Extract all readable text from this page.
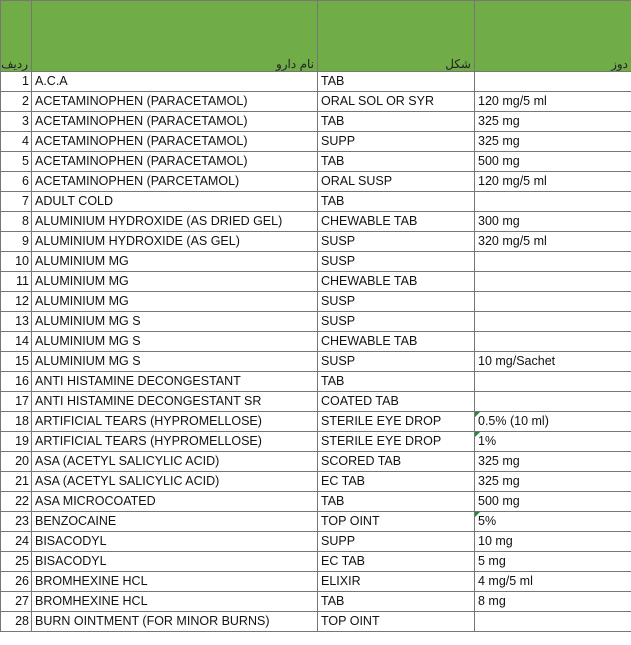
ردیف	نام دارو	شکل	دوز
1	A.C.A	TAB	
2	ACETAMINOPHEN (PARACETAMOL)	ORAL SOL OR SYR	120 mg/5 ml
3	ACETAMINOPHEN (PARACETAMOL)	TAB	325 mg
4	ACETAMINOPHEN (PARACETAMOL)	SUPP	325 mg
5	ACETAMINOPHEN (PARACETAMOL)	TAB	500 mg
6	ACETAMINOPHEN (PARCETAMOL)	ORAL SUSP	120 mg/5 ml
7	ADULT COLD	TAB	
8	ALUMINIUM HYDROXIDE (AS DRIED GEL)	CHEWABLE TAB	300 mg
9	ALUMINIUM HYDROXIDE (AS GEL)	SUSP	320 mg/5 ml
10	ALUMINIUM MG	SUSP	
11	ALUMINIUM MG	CHEWABLE TAB	
12	ALUMINIUM MG	SUSP	
13	ALUMINIUM MG S	SUSP	
14	ALUMINIUM MG S	CHEWABLE TAB	
15	ALUMINIUM MG S	SUSP	10 mg/Sachet
16	ANTI HISTAMINE DECONGESTANT	TAB	
17	ANTI HISTAMINE DECONGESTANT SR	COATED TAB	
18	ARTIFICIAL TEARS (HYPROMELLOSE)	STERILE EYE DROP	0.5% (10 ml)
19	ARTIFICIAL TEARS (HYPROMELLOSE)	STERILE EYE DROP	1%
20	ASA (ACETYL SALICYLIC ACID)	SCORED TAB	325 mg
21	ASA (ACETYL SALICYLIC ACID)	EC TAB	325 mg
22	ASA MICROCOATED	TAB	500 mg
23	BENZOCAINE	TOP OINT	5%
24	BISACODYL	SUPP	10 mg
25	BISACODYL	EC TAB	5 mg
26	BROMHEXINE HCL	ELIXIR	4 mg/5 ml
27	BROMHEXINE HCL	TAB	8 mg
28	BURN OINTMENT (FOR MINOR BURNS)	TOP OINT	
